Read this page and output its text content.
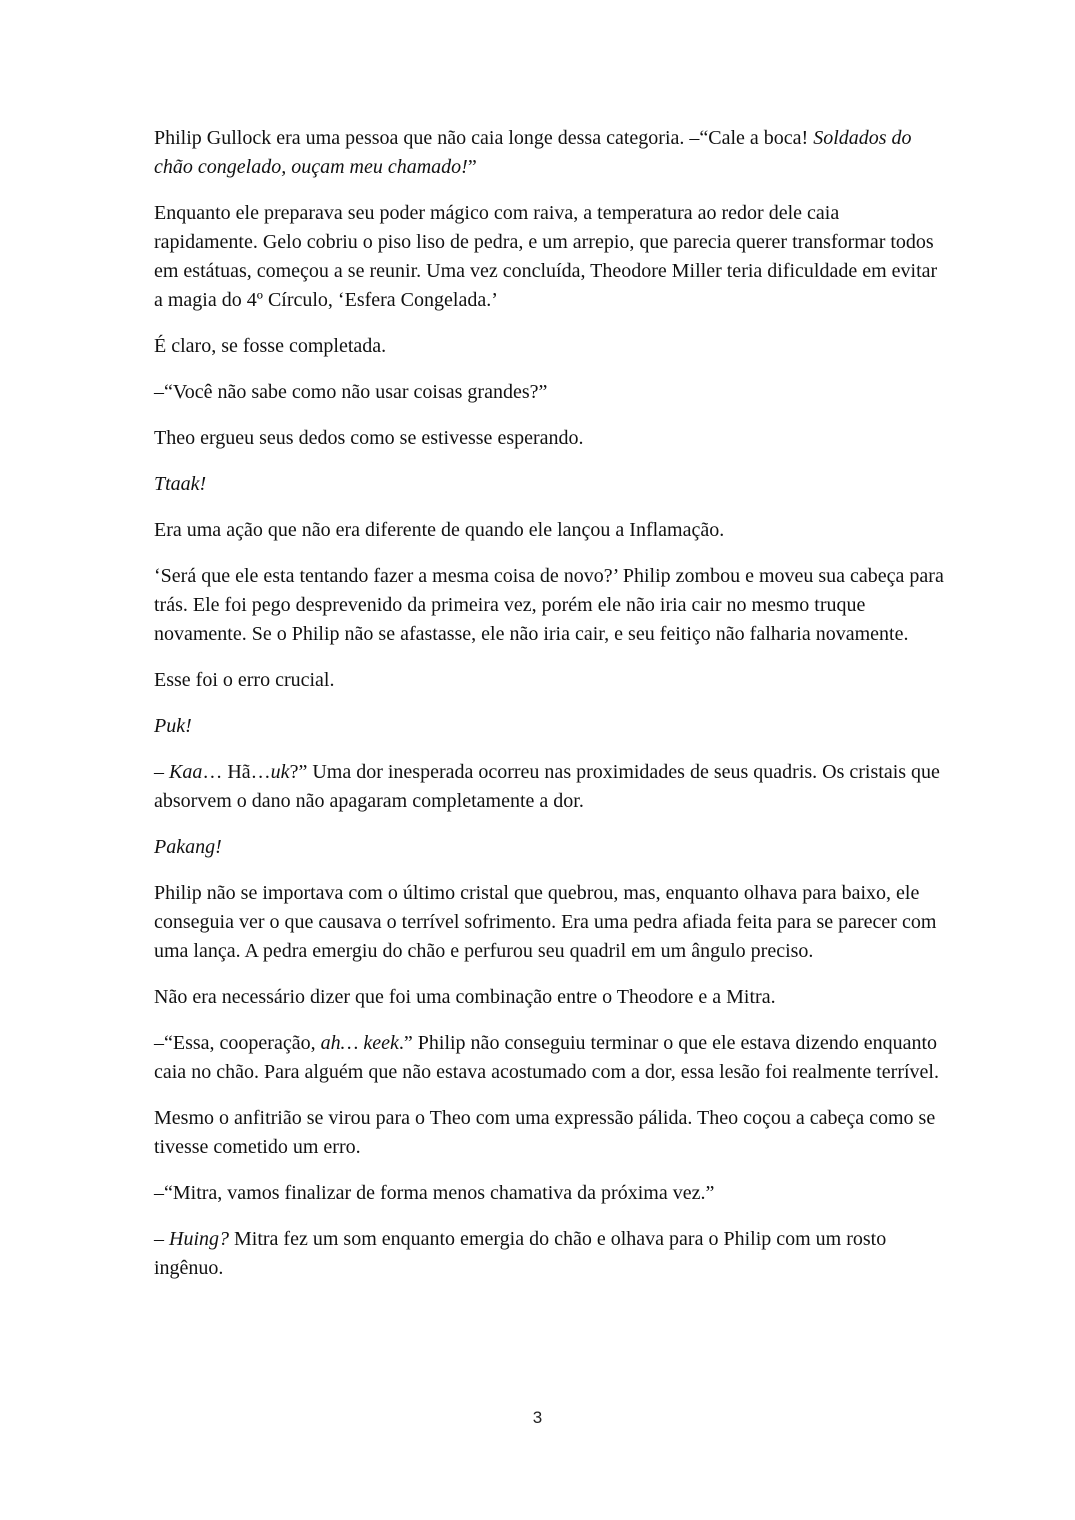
Philip Gullock era uma pessoa que não caia longe dessa categoria. –“Cale a boca! Soldados do chão congelado, ouçam meu chamado!”

Enquanto ele preparava seu poder mágico com raiva, a temperatura ao redor dele caia rapidamente. Gelo cobriu o piso liso de pedra, e um arrepio, que parecia querer transformar todos em estátuas, começou a se reunir. Uma vez concluída, Theodore Miller teria dificuldade em evitar a magia do 4º Círculo, ‘Esfera Congelada.’

É claro, se fosse completada.

–“Você não sabe como não usar coisas grandes?”

Theo ergueu seus dedos como se estivesse esperando.

Ttaak!

Era uma ação que não era diferente de quando ele lançou a Inflamação.

‘Será que ele esta tentando fazer a mesma coisa de novo?’ Philip zombou e moveu sua cabeça para trás. Ele foi pego desprevenido da primeira vez, porém ele não iria cair no mesmo truque novamente. Se o Philip não se afastasse, ele não iria cair, e seu feitiço não falharia novamente.

Esse foi o erro crucial.

Puk!

– Kaa… Hã…uk?” Uma dor inesperada ocorreu nas proximidades de seus quadris. Os cristais que absorvem o dano não apagaram completamente a dor.

Pakang!

Philip não se importava com o último cristal que quebrou, mas, enquanto olhava para baixo, ele conseguia ver o que causava o terrível sofrimento. Era uma pedra afiada feita para se parecer com uma lança. A pedra emergiu do chão e perfurou seu quadril em um ângulo preciso.

Não era necessário dizer que foi uma combinação entre o Theodore e a Mitra.

–“Essa, cooperação, ah… keek.” Philip não conseguiu terminar o que ele estava dizendo enquanto caia no chão. Para alguém que não estava acostumado com a dor, essa lesão foi realmente terrível.

Mesmo o anfitrião se virou para o Theo com uma expressão pálida. Theo coçou a cabeça como se tivesse cometido um erro.

–“Mitra, vamos finalizar de forma menos chamativa da próxima vez.”

– Huing? Mitra fez um som enquanto emergia do chão e olhava para o Philip com um rosto ingênuo.

3
